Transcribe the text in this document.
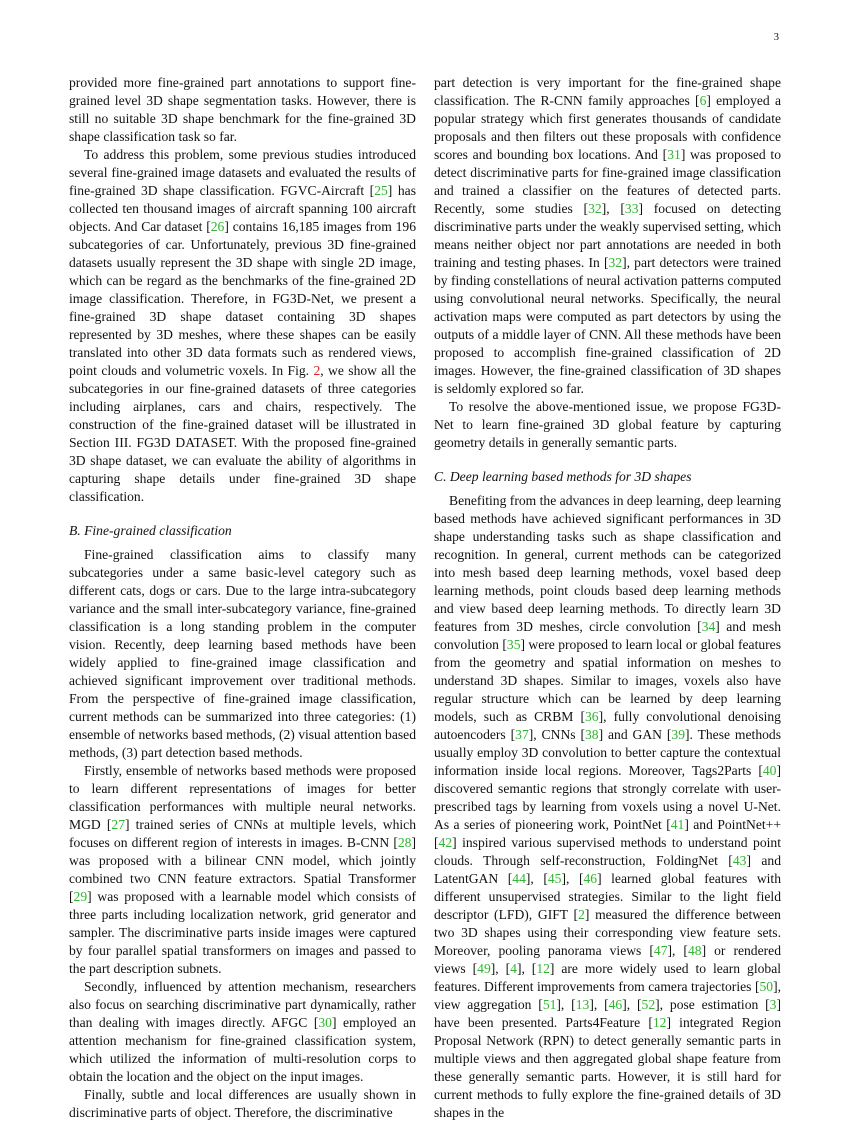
3

provided more fine-grained part annotations to support fine-grained level 3D shape segmentation tasks. However, there is still no suitable 3D shape benchmark for the fine-grained 3D shape classification task so far.

To address this problem, some previous studies introduced several fine-grained image datasets and evaluated the results of fine-grained 3D shape classification. FGVC-Aircraft [25] has collected ten thousand images of aircraft spanning 100 aircraft objects. And Car dataset [26] contains 16,185 images from 196 subcategories of car. Unfortunately, previous 3D fine-grained datasets usually represent the 3D shape with single 2D image, which can be regard as the benchmarks of the fine-grained 2D image classification. Therefore, in FG3D-Net, we present a fine-grained 3D shape dataset containing 3D shapes represented by 3D meshes, where these shapes can be easily translated into other 3D data formats such as rendered views, point clouds and volumetric voxels. In Fig. 2, we show all the subcategories in our fine-grained datasets of three categories including airplanes, cars and chairs, respectively. The construction of the fine-grained dataset will be illustrated in Section III. FG3D DATASET. With the proposed fine-grained 3D shape dataset, we can evaluate the ability of algorithms in capturing shape details under fine-grained 3D shape classification.

B. Fine-grained classification

Fine-grained classification aims to classify many subcategories under a same basic-level category such as different cats, dogs or cars. Due to the large intra-subcategory variance and the small inter-subcategory variance, fine-grained classification is a long standing problem in the computer vision. Recently, deep learning based methods have been widely applied to fine-grained image classification and achieved significant improvement over traditional methods. From the perspective of fine-grained image classification, current methods can be summarized into three categories: (1) ensemble of networks based methods, (2) visual attention based methods, (3) part detection based methods.

Firstly, ensemble of networks based methods were proposed to learn different representations of images for better classification performances with multiple neural networks. MGD [27] trained series of CNNs at multiple levels, which focuses on different region of interests in images. B-CNN [28] was proposed with a bilinear CNN model, which jointly combined two CNN feature extractors. Spatial Transformer [29] was proposed with a learnable model which consists of three parts including localization network, grid generator and sampler. The discriminative parts inside images were captured by four parallel spatial transformers on images and passed to the part description subnets.

Secondly, influenced by attention mechanism, researchers also focus on searching discriminative part dynamically, rather than dealing with images directly. AFGC [30] employed an attention mechanism for fine-grained classification system, which utilized the information of multi-resolution corps to obtain the location and the object on the input images.

Finally, subtle and local differences are usually shown in discriminative parts of object. Therefore, the discriminative

part detection is very important for the fine-grained shape classification. The R-CNN family approaches [6] employed a popular strategy which first generates thousands of candidate proposals and then filters out these proposals with confidence scores and bounding box locations. And [31] was proposed to detect discriminative parts for fine-grained image classification and trained a classifier on the features of detected parts. Recently, some studies [32], [33] focused on detecting discriminative parts under the weakly supervised setting, which means neither object nor part annotations are needed in both training and testing phases. In [32], part detectors were trained by finding constellations of neural activation patterns computed using convolutional neural networks. Specifically, the neural activation maps were computed as part detectors by using the outputs of a middle layer of CNN. All these methods have been proposed to accomplish fine-grained classification of 2D images. However, the fine-grained classification of 3D shapes is seldomly explored so far.

To resolve the above-mentioned issue, we propose FG3D-Net to learn fine-grained 3D global feature by capturing geometry details in generally semantic parts.

C. Deep learning based methods for 3D shapes

Benefiting from the advances in deep learning, deep learning based methods have achieved significant performances in 3D shape understanding tasks such as shape classification and recognition. In general, current methods can be categorized into mesh based deep learning methods, voxel based deep learning methods, point clouds based deep learning methods and view based deep learning methods. To directly learn 3D features from 3D meshes, circle convolution [34] and mesh convolution [35] were proposed to learn local or global features from the geometry and spatial information on meshes to understand 3D shapes. Similar to images, voxels also have regular structure which can be learned by deep learning models, such as CRBM [36], fully convolutional denoising autoencoders [37], CNNs [38] and GAN [39]. These methods usually employ 3D convolution to better capture the contextual information inside local regions. Moreover, Tags2Parts [40] discovered semantic regions that strongly correlate with user-prescribed tags by learning from voxels using a novel U-Net. As a series of pioneering work, PointNet [41] and PointNet++ [42] inspired various supervised methods to understand point clouds. Through self-reconstruction, FoldingNet [43] and LatentGAN [44], [45], [46] learned global features with different unsupervised strategies. Similar to the light field descriptor (LFD), GIFT [2] measured the difference between two 3D shapes using their corresponding view feature sets. Moreover, pooling panorama views [47], [48] or rendered views [49], [4], [12] are more widely used to learn global features. Different improvements from camera trajectories [50], view aggregation [51], [13], [46], [52], pose estimation [3] have been presented. Parts4Feature [12] integrated Region Proposal Network (RPN) to detect generally semantic parts in multiple views and then aggregated global shape feature from these generally semantic parts. However, it is still hard for current methods to fully explore the fine-grained details of 3D shapes in the
